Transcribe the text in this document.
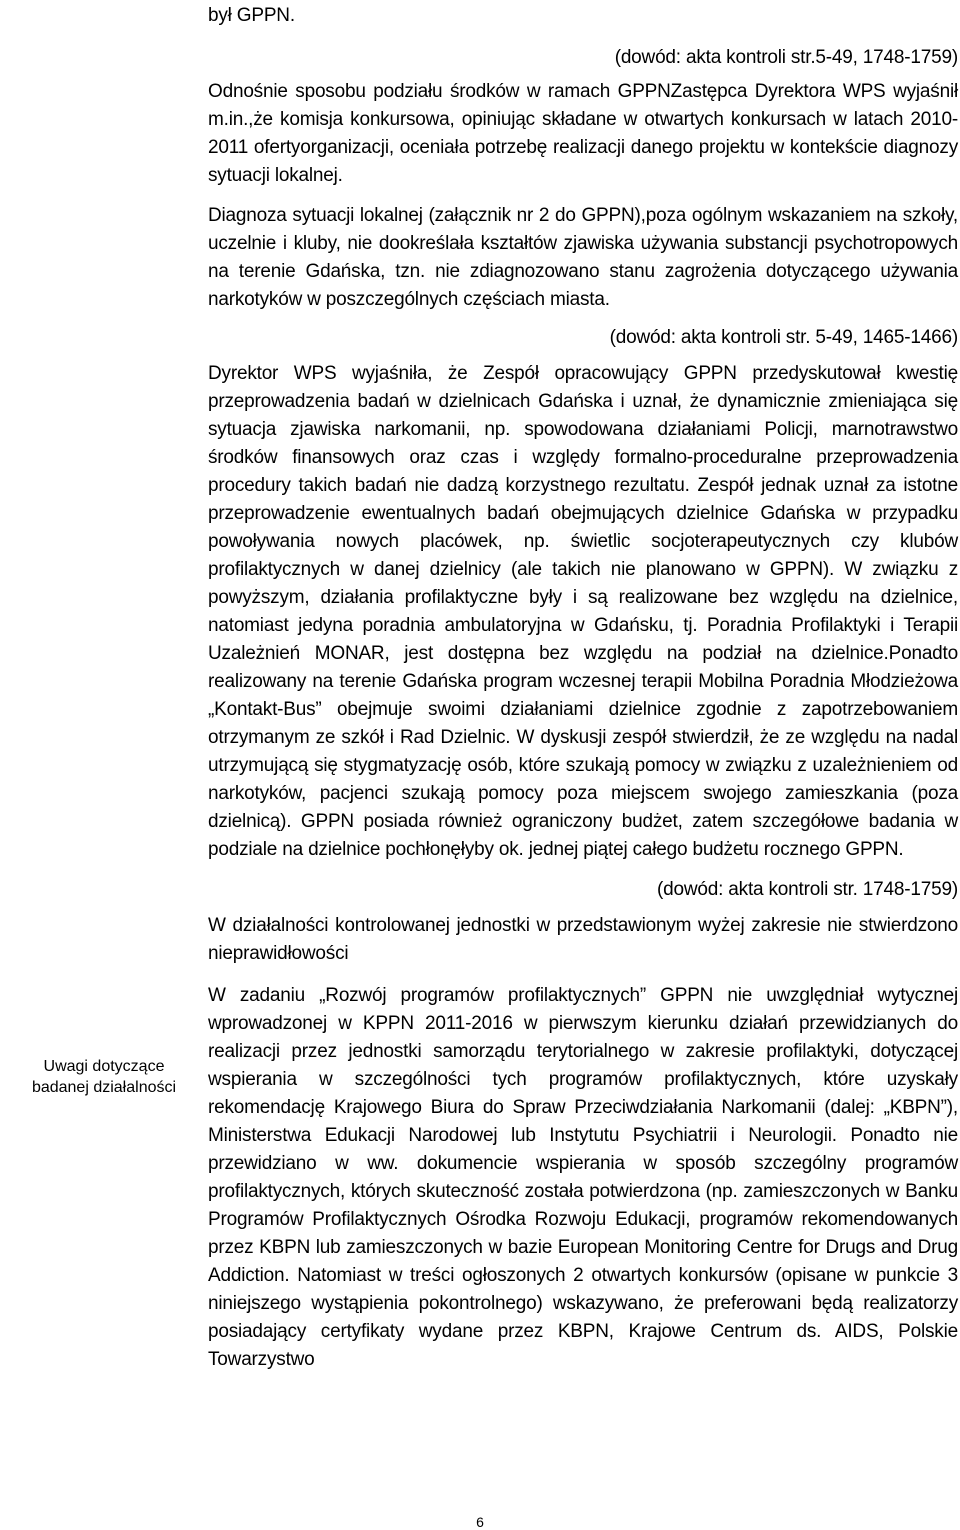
Uwagi dotyczące badanej działalności

był GPPN.

(dowód: akta kontroli str.5-49, 1748-1759)

Odnośnie sposobu podziału środków w ramach GPPNZastępca Dyrektora WPS wyjaśnił m.in.,że komisja konkursowa, opiniując składane w otwartych konkursach w latach 2010-2011 ofertyorganizacji, oceniała potrzebę realizacji danego projektu w kontekście diagnozy sytuacji lokalnej.

Diagnoza sytuacji lokalnej (załącznik nr 2 do GPPN),poza ogólnym wskazaniem na szkoły, uczelnie i kluby, nie dookreślała kształtów zjawiska używania substancji psychotropowych na terenie Gdańska, tzn. nie zdiagnozowano stanu zagrożenia dotyczącego używania narkotyków w poszczególnych częściach miasta.

(dowód: akta kontroli str. 5-49, 1465-1466)

Dyrektor WPS wyjaśniła, że Zespół opracowujący GPPN przedyskutował kwestię przeprowadzenia badań w dzielnicach Gdańska i uznał, że dynamicznie zmieniająca się sytuacja zjawiska narkomanii, np. spowodowana działaniami Policji, marnotrawstwo środków finansowych oraz czas i względy formalno-proceduralne przeprowadzenia procedury takich badań nie dadzą korzystnego rezultatu. Zespół jednak uznał za istotne przeprowadzenie ewentualnych badań obejmujących dzielnice Gdańska w przypadku powoływania nowych placówek, np. świetlic socjoterapeutycznych czy klubów profilaktycznych w danej dzielnicy (ale takich nie planowano w GPPN). W związku z powyższym, działania profilaktyczne były i są realizowane bez względu na dzielnice, natomiast jedyna poradnia ambulatoryjna w Gdańsku, tj. Poradnia Profilaktyki i Terapii Uzależnień MONAR, jest dostępna bez względu na podział na dzielnice.Ponadto realizowany na terenie Gdańska program wczesnej terapii Mobilna Poradnia Młodzieżowa „Kontakt-Bus” obejmuje swoimi działaniami dzielnice zgodnie z zapotrzebowaniem otrzymanym ze szkół i Rad Dzielnic. W dyskusji zespół stwierdził, że ze względu na nadal utrzymującą się stygmatyzację osób, które szukają pomocy w związku z uzależnieniem od narkotyków, pacjenci szukają pomocy poza miejscem swojego zamieszkania (poza dzielnicą). GPPN posiada również ograniczony budżet, zatem szczegółowe badania w podziale na dzielnice pochłonęłyby ok. jednej piątej całego budżetu rocznego GPPN.

(dowód: akta kontroli str. 1748-1759)

W działalności kontrolowanej jednostki w przedstawionym wyżej zakresie nie stwierdzono nieprawidłowości

W zadaniu „Rozwój programów profilaktycznych” GPPN nie uwzględniał wytycznej wprowadzonej w KPPN 2011-2016 w pierwszym kierunku działań przewidzianych do realizacji przez jednostki samorządu terytorialnego w zakresie profilaktyki, dotyczącej wspierania w szczególności tych programów profilaktycznych, które uzyskały rekomendację Krajowego Biura do Spraw Przeciwdziałania Narkomanii (dalej: „KBPN”), Ministerstwa Edukacji Narodowej lub Instytutu Psychiatrii i Neurologii. Ponadto nie przewidziano w ww. dokumencie wspierania w sposób szczególny programów profilaktycznych, których skuteczność została potwierdzona (np. zamieszczonych w Banku Programów Profilaktycznych Ośrodka Rozwoju Edukacji, programów rekomendowanych przez KBPN lub zamieszczonych w bazie European Monitoring Centre for Drugs and Drug Addiction. Natomiast w treści ogłoszonych 2 otwartych konkursów (opisane w punkcie 3 niniejszego wystąpienia pokontrolnego) wskazywano, że preferowani będą realizatorzy posiadający certyfikaty wydane przez KBPN, Krajowe Centrum ds. AIDS, Polskie Towarzystwo

6
